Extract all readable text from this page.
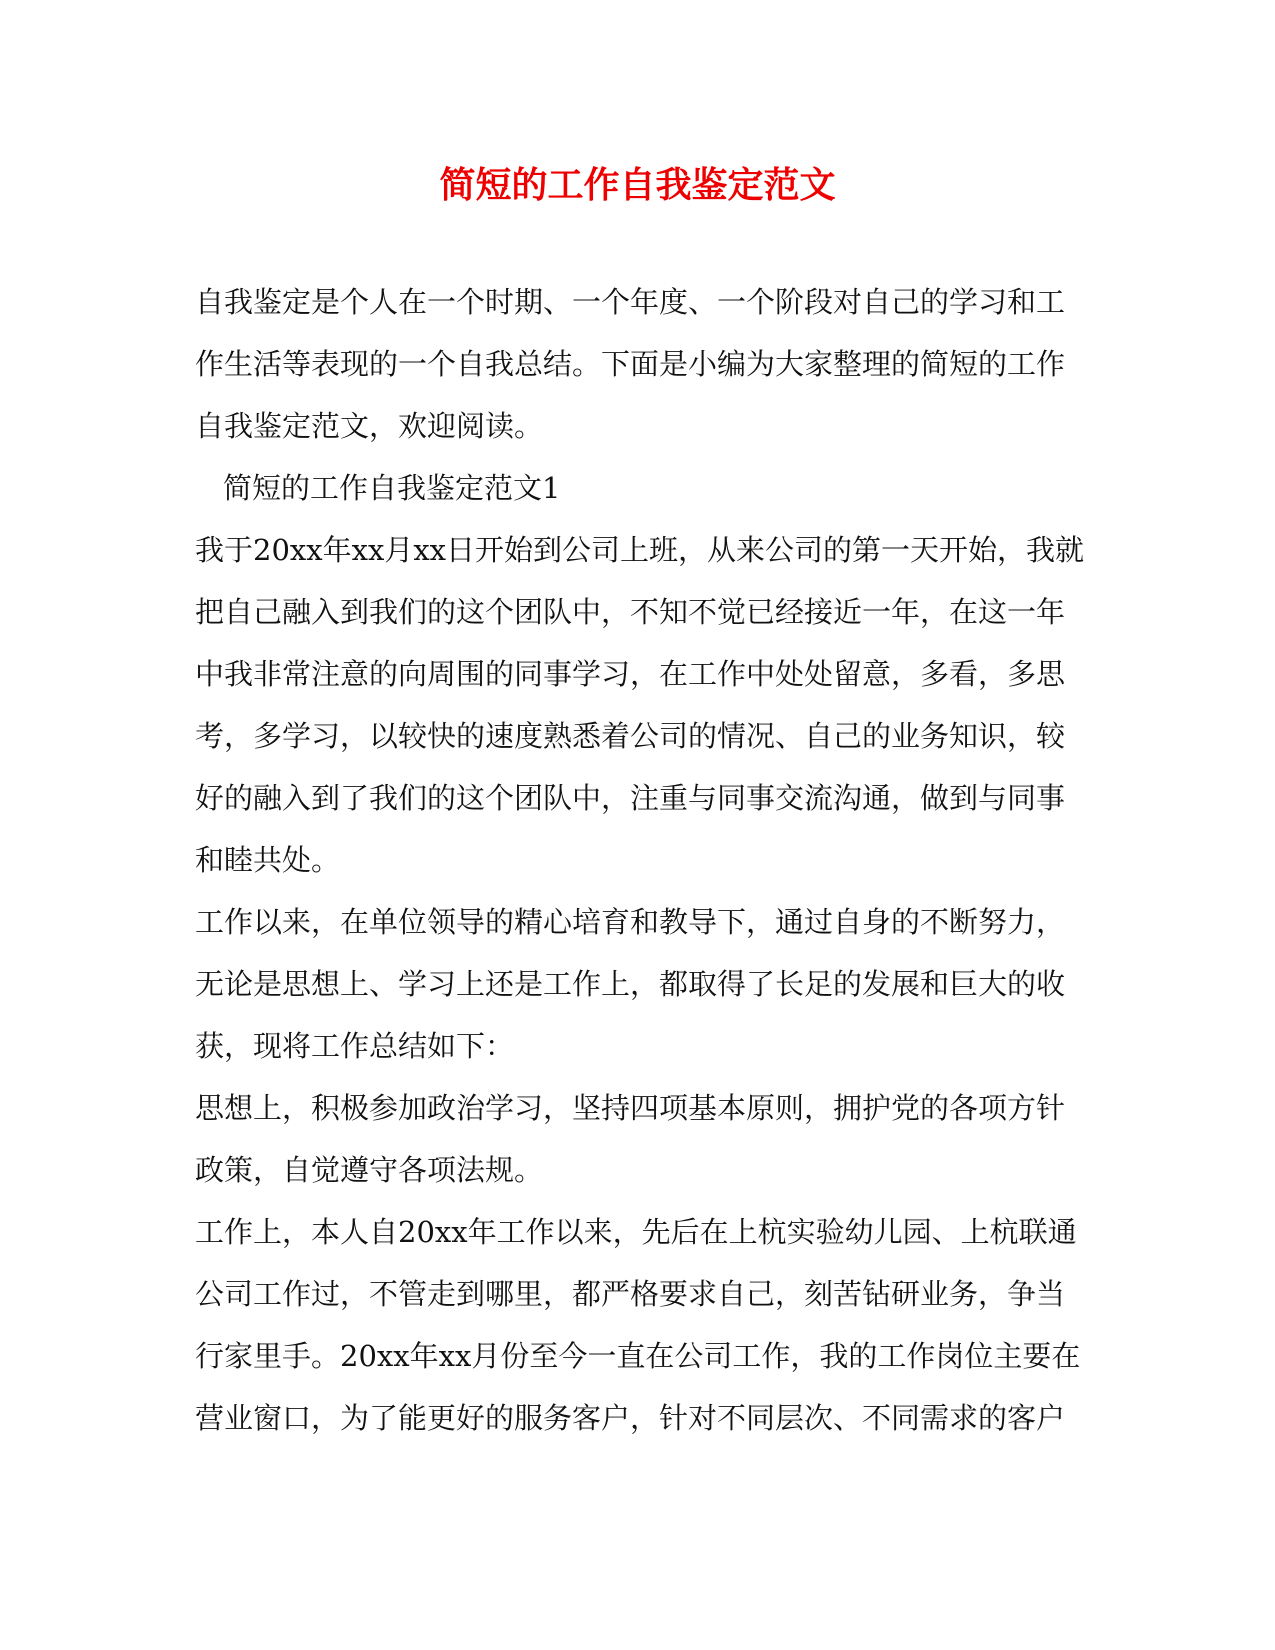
简短的工作自我鉴定范文
自我鉴定是个人在一个时期、一个年度、一个阶段对自己的学习和工
作生活等表现的一个自我总结。下面是小编为大家整理的简短的工作
自我鉴定范文，欢迎阅读。
简短的工作自我鉴定范文1
我于20xx年xx月xx日开始到公司上班，从来公司的第一天开始，我就
把自己融入到我们的这个团队中，不知不觉已经接近一年，在这一年
中我非常注意的向周围的同事学习，在工作中处处留意，多看，多思
考，多学习，以较快的速度熟悉着公司的情况、自己的业务知识，较
好的融入到了我们的这个团队中，注重与同事交流沟通，做到与同事
和睦共处。
工作以来，在单位领导的精心培育和教导下，通过自身的不断努力，
无论是思想上、学习上还是工作上，都取得了长足的发展和巨大的收
获，现将工作总结如下：
思想上，积极参加政治学习，坚持四项基本原则，拥护党的各项方针
政策，自觉遵守各项法规。
工作上，本人自20xx年工作以来，先后在上杭实验幼儿园、上杭联通
公司工作过，不管走到哪里，都严格要求自己，刻苦钻研业务，争当
行家里手。20xx年xx月份至今一直在公司工作，我的工作岗位主要在
营业窗口，为了能更好的服务客户，针对不同层次、不同需求的客户
